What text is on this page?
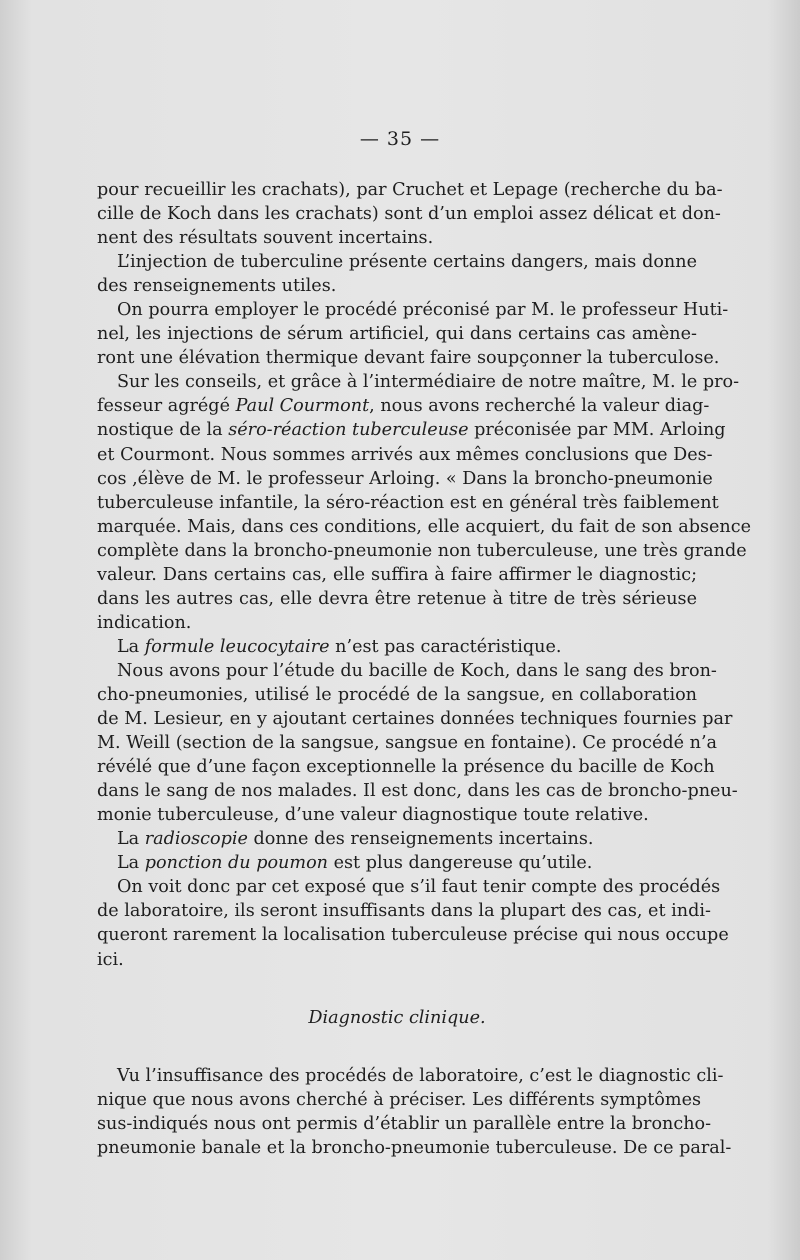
— 35 —
pour recueillir les crachats), par Cruchet et Lepage (recherche du ba-
cille de Koch dans les crachats) sont d’un emploi assez délicat et don-
nent des résultats souvent incertains.
L’injection de tuberculine présente certains dangers, mais donne
des renseignements utiles.
On pourra employer le procédé préconisé par M. le professeur Huti-
nel, les injections de sérum artificiel, qui dans certains cas amène-
ront une élévation thermique devant faire soupçonner la tuberculose.
Sur les conseils, et grâce à l’intermédiaire de notre maître, M. le pro-
fesseur agrégé Paul Courmont, nous avons recherché la valeur diag-
nostique de la séro-réaction tuberculeuse préconisée par MM. Arloing
et Courmont. Nous sommes arrivés aux mêmes conclusions que Des-
cos ,élève de M. le professeur Arloing. « Dans la broncho-pneumonie
tuberculeuse infantile, la séro-réaction est en général très faiblement
marquée. Mais, dans ces conditions, elle acquiert, du fait de son absence
complète dans la broncho-pneumonie non tuberculeuse, une très grande
valeur. Dans certains cas, elle suffira à faire affirmer le diagnostic;
dans les autres cas, elle devra être retenue à titre de très sérieuse
indication.
La formule leucocytaire n’est pas caractéristique.
Nous avons pour l’étude du bacille de Koch, dans le sang des bron-
cho-pneumonies, utilisé le procédé de la sangsue, en collaboration
de M. Lesieur, en y ajoutant certaines données techniques fournies par
M. Weill (section de la sangsue, sangsue en fontaine). Ce procédé n’a
révélé que d’une façon exceptionnelle la présence du bacille de Koch
dans le sang de nos malades. Il est donc, dans les cas de broncho-pneu-
monie tuberculeuse, d’une valeur diagnostique toute relative.
La radioscopie donne des renseignements incertains.
La ponction du poumon est plus dangereuse qu’utile.
On voit donc par cet exposé que s’il faut tenir compte des procédés
de laboratoire, ils seront insuffisants dans la plupart des cas, et indi-
queront rarement la localisation tuberculeuse précise qui nous occupe
ici.
Diagnostic clinique.
Vu l’insuffisance des procédés de laboratoire, c’est le diagnostic cli-
nique que nous avons cherché à préciser. Les différents symptômes
sus-indiqués nous ont permis d’établir un parallèle entre la broncho-
pneumonie banale et la broncho-pneumonie tuberculeuse. De ce paral-
